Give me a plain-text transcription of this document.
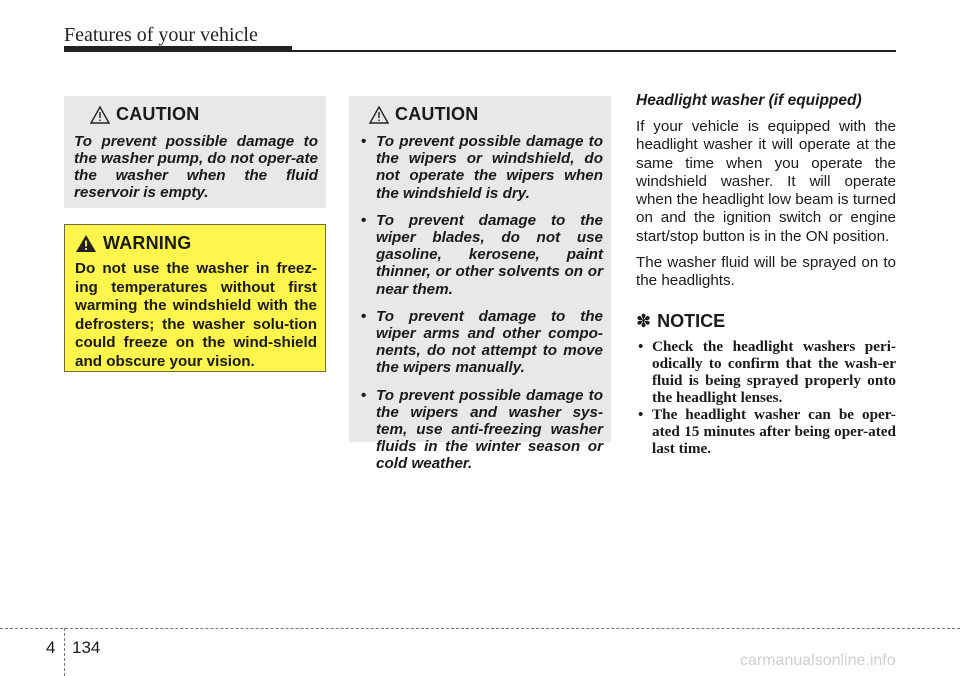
Features of your vehicle
CAUTION
To prevent possible damage to the washer pump, do not oper-ate the washer when the fluid reservoir is empty.
WARNING
Do not use the washer in freez-ing temperatures without first warming the windshield with the defrosters; the washer solu-tion could freeze on the wind-shield and obscure your vision.
CAUTION
• To prevent possible damage to the wipers or windshield, do not operate the wipers when the windshield is dry.
• To prevent damage to the wiper blades, do not use gasoline, kerosene, paint thinner, or other solvents on or near them.
• To prevent damage to the wiper arms and other compo-nents, do not attempt to move the wipers manually.
• To prevent possible damage to the wipers and washer sys-tem, use anti-freezing washer fluids in the winter season or cold weather.
Headlight washer (if equipped)

If your vehicle is equipped with the headlight washer it will operate at the same time when you operate the windshield washer. It will operate when the headlight low beam is turned on and the ignition switch or engine start/stop button is in the ON position.

The washer fluid will be sprayed on to the headlights.

✽ NOTICE
• Check the headlight washers peri-odically to confirm that the wash-er fluid is being sprayed properly onto the headlight lenses.
• The headlight washer can be oper-ated 15 minutes after being oper-ated last time.
4 134
carmanualsonline.info
